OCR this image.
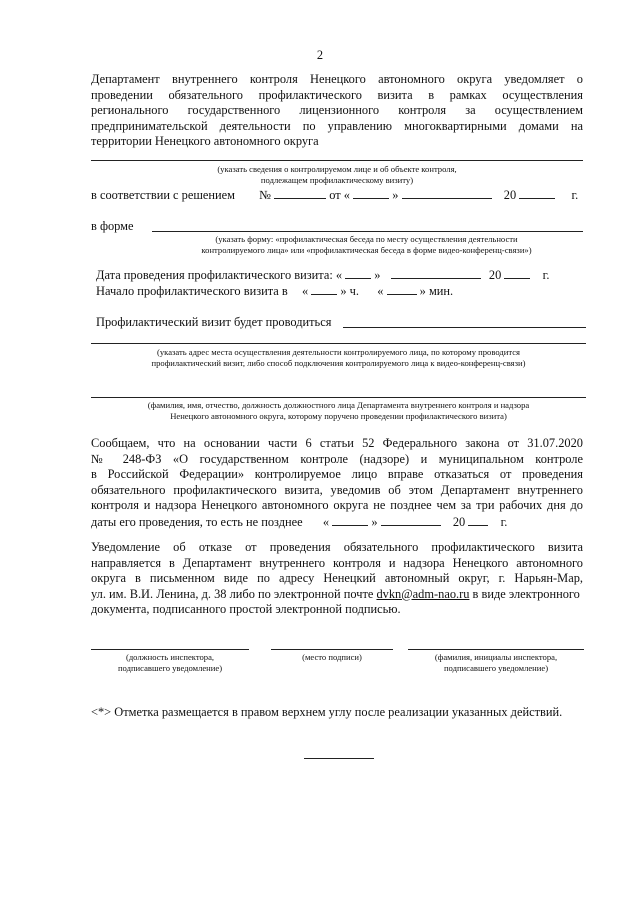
2
Департамент внутреннего контроля Ненецкого автономного округа уведомляет о
проведении обязательного профилактического визита в рамках осуществления
регионального государственного лицензионного контроля за осуществлением
предпринимательской деятельности по управлению многоквартирными домами на
территории Ненецкого автономного округа
(указать сведения о контролируемом лице и об объекте контроля,
подлежащем профилактическому визиту)
в соответствии с решением №	от «	»	20	г.
в форме
(указать форму: «профилактическая беседа по месту осуществления деятельности
контролируемого лица» или «профилактическая беседа в форме видео-конференц-связи»)
Дата проведения профилактического визита: «	»	20	г.
Начало профилактического визита в «	» ч. «	» мин.
Профилактический визит будет проводиться
(указать адрес места осуществления деятельности контролируемого лица, по которому проводится
профилактический визит, либо способ подключения контролируемого лица к видео-конференц-связи)
(фамилия, имя, отчество, должность должностного лица Департамента внутреннего контроля и надзора
Ненецкого автономного округа, которому поручено проведении профилактического визита)
Сообщаем, что на основании части 6 статьи 52 Федерального закона от 31.07.2020
№ 248-ФЗ «О государственном контроле (надзоре) и муниципальном контроле
в Российской Федерации» контролируемое лицо вправе отказаться от проведения
обязательного профилактического визита, уведомив об этом Департамент внутреннего
контроля и надзора Ненецкого автономного округа не позднее чем за три рабочих дня до
даты его проведения, то есть не позднее «	»	20	г.
Уведомление об отказе от проведения обязательного профилактического визита
направляется в Департамент внутреннего контроля и надзора Ненецкого автономного
округа в письменном виде по адресу Ненецкий автономный округ, г. Нарьян-Мар,
ул. им. В.И. Ленина, д. 38 либо по электронной почте dvkn@adm-nao.ru в виде электронного
документа, подписанного простой электронной подписью.
(должность инспектора,
подписавшего уведомление)
(место подписи)	(фамилия, инициалы инспектора,
подписавшего уведомление)
<*> Отметка размещается в правом верхнем углу после реализации указанных действий.
